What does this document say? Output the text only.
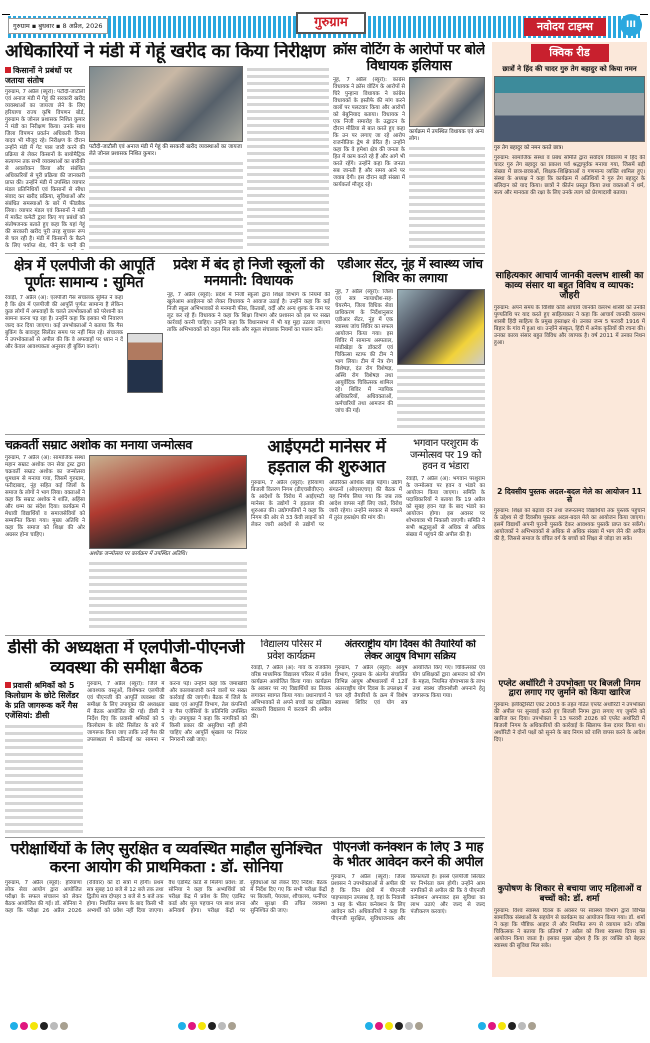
गुरुग्राम ▪ बुधवार ▪ 8 अप्रैल, 2026	गुरुग्राम	नवोदय टाइम्स	III
क्विक रीड
छात्रों ने हिंद की चादर गुरु तेग बहादुर को किया नमन
गुरु तेग बहादुर को नमन करते छात्र।
गुरुग्राम: सामाजिक संस्था व प्रबंध समिति द्वारा सर्वोदय विद्यालय में हिंद की चादर गुरु तेग बहादुर का प्रकाश पर्व श्रद्धापूर्वक मनाया गया, जिसमें बड़ी संख्या में छात्र-छात्राओं, शिक्षक-शिक्षिकाओं व गणमान्य व्यक्ति शामिल हुए। संस्था के अध्यक्ष ने कहा कि कार्यक्रम में अतिथियों ने गुरु तेग बहादुर के बलिदान को याद किया। छात्रों ने कीर्तन प्रस्तुत किया तथा वक्ताओं ने धर्म, सत्य और मानवता की रक्षा के लिए उनके त्याग को प्रेरणादायी बताया।
साहित्यकार आचार्य जानकी वल्लभ शास्त्री का काव्य संसार था बहुत विविध व व्यापक: जौहरी
गुरुग्राम: अपने समय के विशिष्ट कवि आचार्य जानकी वल्लभ शास्त्री को उनकी पुण्यतिथि पर याद करते हुए साहित्यकार ने कहा कि आचार्य जानकी वल्लभ शास्त्री हिंदी साहित्य के प्रमुख हस्ताक्षर थे। उनका जन्म 5 फरवरी 1916 में बिहार के गांव में हुआ था। उन्होंने संस्कृत, हिंदी में अनेक कृतियों की रचना की। उनका काव्य संसार बहुत विविध और व्यापक है। वर्ष 2011 में उनका निधन हुआ।
2 दिवसीय पुस्तक अदल-बदल मेले का आयोजन 11 से
गुरुग्राम: शिक्षा को बढ़ावा देने तथा जरूरतमंद विद्यार्थियों तक पुस्तकें पहुंचाने के उद्देश्य से दो दिवसीय पुस्तक अदल-बदल मेले का आयोजन किया जाएगा। इसमें विद्यार्थी अपनी पुरानी पुस्तकें देकर आवश्यक पुस्तकें प्राप्त कर सकेंगे। आयोजकों ने अभिभावकों से अधिक से अधिक संख्या में भाग लेने की अपील की है, जिससे समाज के वंचित वर्ग के बच्चों को शिक्षा से जोड़ा जा सके।
एप्लेट अथॉरिटी ने उपभोक्ता पर बिजली निगम द्वारा लगाए गए जुर्माने को किया खारिज
गुरुग्राम: इलेक्ट्रिसिटी एक्ट 2003 के तहत गठित एप्लेट अथॉरिटी ने उपभोक्ता की अपील पर सुनवाई करते हुए बिजली निगम द्वारा लगाए गए जुर्माने को खारिज कर दिया। उपभोक्ता ने 13 फरवरी 2026 को एप्लेट अथॉरिटी में बिजली निगम के अधिकारियों की कार्रवाई के खिलाफ केस दायर किया था। अथॉरिटी ने दोनों पक्षों को सुनने के बाद निगम को राशि वापस करने के आदेश दिए।
कुपोषण के शिकार से बचाया जाए महिलाओं व बच्चों को: डॉ. शर्मा
गुरुग्राम: विश्व स्वास्थ्य दिवस के अवसर पर स्वास्थ्य विभाग द्वारा विभिन्न सामाजिक संस्थाओं के सहयोग से कार्यक्रम का आयोजन किया गया। डॉ. शर्मा ने कहा कि पौष्टिक आहार लें और नियमित रूप से व्यायाम करें। वरिष्ठ चिकित्सक ने बताया कि प्रतिवर्ष 7 अप्रैल को विश्व स्वास्थ्य दिवस का आयोजन किया जाता है। इसका मुख्य उद्देश्य है कि हर व्यक्ति को बेहतर स्वास्थ्य की सुविधा मिल सके।
अधिकारियों ने मंडी में गेहूं खरीद का किया निरीक्षण
किसानों ने प्रबंधों पर जताया संतोष
गुरुग्राम, 7 अप्रैल (ब्यूरो): पटौदी-जाटौली एवं अनाज मंडी में गेहूं की सरकारी खरीद व्यवस्थाओं का जायजा लेने के लिए हरियाणा राज्य कृषि विपणन बोर्ड, गुरुग्राम के जोनल प्रशासक निशित कुमार ने मंडी का निरीक्षण किया। उनके साथ जिला विपणन प्रवर्तन अधिकारी विनय यादव भी मौजूद रहे। निरीक्षण के दौरान उन्होंने मंडी में गेट पास जारी करने की प्रक्रिया से लेकर किसानों के बायोमैट्रिक सत्यापन तक सभी व्यवस्थाओं का बारीकी से अवलोकन किया और संबंधित अधिकारियों से पूरी प्रक्रिया की जानकारी प्राप्त की। उन्होंने मंडी में उपस्थित व्यापार मंडल प्रतिनिधियों एवं किसानों से सीधा संवाद कर खरीद प्रक्रिया, सुविधाओं और संबंधित समस्याओं के बारे में फीडबैक लिया। व्यापार मंडल एवं किसानों ने मंडी में मार्केट कमेटी द्वारा किए गए प्रबंधों को संतोषजनक बताते हुए कहा कि यहां गेहूं की सरकारी खरीद पूरी तरह सुचारू रूप से चल रही है। मंडी में किसानों के बैठने के लिए पर्याप्त शेड, पीने के पानी की
पटौदी-जाटौली एवं अनाज मंडी में गेहूं की सरकारी खरीद व्यवस्थाओं का जायजा लेते जोनल प्रशासक निशित कुमार।
क्रॉस वोटिंग के आरोपों पर बोले विधायक इलियास
नूंह, 7 अप्रैल (ब्यूरो): कांग्रेस विधायक ने क्रॉस वोटिंग के आरोपों से घिरे पुन्हाना विधायक ने कांग्रेस विधायकों के इस्तीफे की मांग करने वालों पर पलटवार किया और आरोपों को बेबुनियाद बताया। विधायक ने एक निजी समारोह के उद्घाटन के दौरान मीडिया से बात करते हुए कहा कि उन पर लगाए जा रहे आरोप राजनीतिक द्वेष से प्रेरित हैं। उन्होंने कहा कि वे हमेशा क्षेत्र की जनता के हित में काम करते रहे हैं और आगे भी करते रहेंगे। उन्होंने कहा कि जनता सब जानती है और समय आने पर जवाब देगी। इस दौरान बड़ी संख्या में कार्यकर्ता मौजूद रहे।
कार्यक्रम में उपस्थित विधायक एवं अन्य लोग।
क्षेत्र में एलपीजी की आपूर्ति पूर्णतः सामान्य : सुमित
रेवाड़ी, 7 अप्रैल (अ): एलपीजी गैस संचालक सुमित ने कहा है कि क्षेत्र में एलपीजी की आपूर्ति पूर्णतः सामान्य है लेकिन कुछ लोगों में अफवाहों के चलते उपभोक्ताओं को परेशानी का सामना करना पड़ रहा है। उन्होंने कहा कि इसका भी निवारण जल्द कर दिया जाएगा। कई उपभोक्ताओं ने बताया कि गैस बुकिंग के बावजूद सिलेंडर समय पर नहीं मिल रहे। संचालक ने उपभोक्ताओं से अपील की कि वे अफवाहों पर ध्यान न दें और केवल आवश्यकता अनुसार ही बुकिंग कराएं।
प्रदेश में बंद हो निजी स्कूलों की मनमानी: विधायक
नूंह, 7 अप्रैल (ब्यूरो): प्रदेश में निजी स्कूलों द्वारा शिक्षा विभाग के नियमों की खुलेआम अवहेलना को लेकर विधायक ने आवाज उठाई है। उन्होंने कहा कि कई निजी स्कूल अभिभावकों से मनमानी फीस, किताबों, वर्दी और अन्य शुल्क के नाम पर लूट कर रहे हैं। विधायक ने कहा कि शिक्षा विभाग और प्रशासन को इस पर सख्त कार्रवाई करनी चाहिए। उन्होंने कहा कि विधानसभा में भी यह मुद्दा उठाया जाएगा ताकि अभिभावकों को राहत मिल सके और स्कूल संचालक नियमों का पालन करें।
एडीआर सेंटर, नूंह में स्वास्थ्य जांच शिविर का लगाया
नूंह, 7 अप्रैल (ब्यूरो): जिला एवं सत्र न्यायाधीश-सह-चेयरमैन, जिला विधिक सेवा प्राधिकरण के निर्देशानुसार एडीआर सेंटर, नूंह में एक स्वास्थ्य जांच शिविर का सफल आयोजन किया गया। इस शिविर में सामान्य अस्पताल, मांडीखेड़ा के डॉक्टरों एवं चिकित्सा स्टाफ की टीम ने भाग लिया। टीम में नेत्र रोग विशेषज्ञ, दंत रोग विशेषज्ञ, अस्थि रोग विशेषज्ञ तथा आयुर्वेदिक चिकित्सक शामिल रहे। शिविर में न्यायिक अधिकारियों, अधिवक्ताओं, कर्मचारियों तथा आमजन की जांच की गई।
चक्रवर्ती सम्राट अशोक का मनाया जन्मोत्सव
गुरुग्राम, 7 अप्रैल (अ): सामाजिक संस्था महान सम्राट अशोक जन सेवा ट्रस्ट द्वारा चक्रवर्ती सम्राट अशोक का जन्मोत्सव धूमधाम से मनाया गया, जिसमें गुरुग्राम, फरीदाबाद, नूंह सहित कई जिलों के समाज के लोगों ने भाग लिया। वक्ताओं ने कहा कि सम्राट अशोक ने शांति, अहिंसा और धम्म का संदेश दिया। कार्यक्रम में मेधावी विद्यार्थियों व समाजसेवियों को सम्मानित किया गया। मुख्य अतिथि ने कहा कि समाज को शिक्षा की ओर अग्रसर होना चाहिए।
अशोक जन्मोत्सव पर कार्यक्रम में उपस्थित अतिथि।
आईएमटी मानेसर में हड़ताल की शुरुआत
गुरुग्राम, 7 अप्रैल (ब्यूरो): हरियाणा बिजली वितरण निगम (डीएचबीवीएन) के आदेशों के विरोध में आईएमटी मानेसर के उद्योगों ने हड़ताल की शुरुआत की। उद्योगपतियों ने कहा कि निगम की ओर से 33 केवी लाइनों को लेकर जारी आदेशों से उद्योगों पर अतिरिक्त आर्थिक बोझ पड़ेगा। उद्योग संगठनों (ओएसएचए) की बैठक में यह निर्णय लिया गया कि जब तक आदेश वापस नहीं लिए जाते, विरोध जारी रहेगा। उन्होंने सरकार से मामले में तुरंत हस्तक्षेप की मांग की।
भगवान परशुराम के जन्मोत्सव पर 19 को हवन व भंडारा
रेवाड़ी, 7 अप्रैल (अ): भगवान परशुराम के जन्मोत्सव पर हवन व भंडारे का आयोजन किया जाएगा। समिति के पदाधिकारियों ने बताया कि 19 अप्रैल को सुबह हवन यज्ञ के बाद भंडारे का आयोजन होगा। इस अवसर पर शोभायात्रा भी निकाली जाएगी। समिति ने सभी श्रद्धालुओं से अधिक से अधिक संख्या में पहुंचने की अपील की है।
डीसी की अध्यक्षता में एलपीजी-पीएनजी व्यवस्था की समीक्षा बैठक
प्रवासी श्रमिकों को 5 किलोग्राम के छोटे सिलेंडर के प्रति जागरूक करें गैस एजेंसियां: डीसी
गुरुग्राम, 7 अप्रैल (ब्यूरो): जिले में आवश्यक वस्तुओं, विशेषकर एलपीजी एवं पीएनजी की आपूर्ति व्यवस्था की समीक्षा के लिए उपायुक्त की अध्यक्षता में बैठक आयोजित की गई। डीसी ने निर्देश दिए कि प्रवासी श्रमिकों को 5 किलोग्राम के छोटे सिलेंडर के बारे में जागरूक किया जाए ताकि उन्हें गैस की उपलब्धता में कठिनाई का सामना न करना पड़े। उन्होंने कहा कि जमाखोरी और कालाबाजारी करने वालों पर सख्त कार्रवाई की जाएगी। बैठक में जिले के खाद्य एवं आपूर्ति विभाग, तेल कंपनियों व गैस एजेंसियों के प्रतिनिधि उपस्थित रहे। उपायुक्त ने कहा कि नागरिकों को किसी प्रकार की असुविधा नहीं होनी चाहिए और आपूर्ति श्रृंखला पर निरंतर निगरानी रखी जाए।
विद्यालय परिसर में प्रवेश कार्यक्रम
रेवाड़ी, 7 अप्रैल (अ): गांव के राजकीय वरिष्ठ माध्यमिक विद्यालय परिसर में प्रवेश कार्यक्रम आयोजित किया गया। कार्यक्रम के अवसर पर नए विद्यार्थियों का तिलक लगाकर स्वागत किया गया। प्रधानाचार्य ने अभिभावकों से अपने बच्चों का दाखिला सरकारी विद्यालय में करवाने की अपील की।
अंतरराष्ट्रीय योग दिवस की तैयारियों को लेकर आयुष विभाग सक्रिय
गुरुग्राम, 7 अप्रैल (ब्यूरो): आयुष विभाग, गुरुग्राम के अंतर्गत संचालित विभिन्न आयुष औषधालयों में 12वें अंतरराष्ट्रीय योग दिवस के उपलक्ष्य में चल रही तैयारियों के क्रम में विशेष स्वास्थ्य शिविर एवं योग सत्र आयोजित किए गए। चिकित्सकों एवं योग प्रशिक्षकों द्वारा आमजन को योग के महत्व, नियमित योगाभ्यास के लाभ तथा स्वस्थ जीवनशैली अपनाने हेतु जागरूक किया गया।
परीक्षार्थियों के लिए सुरक्षित व व्यवस्थित माहौल सुनिश्चित करना आयोग की प्राथमिकता : डॉ. सोनिया
गुरुग्राम, 7 अप्रैल (ब्यूरो): हरियाणा लोक सेवा आयोग द्वारा आयोजित परीक्षा के सफल संचालन को लेकर बैठक आयोजित की गई। डॉ. सोनिया ने कहा कि परीक्षा 26 अप्रैल 2026 (रविवार) को दो सत्रों में होगी। प्रथम सत्र सुबह 10 बजे से 12 बजे तक तथा द्वितीय सत्र दोपहर 3 बजे से 5 बजे तक होगा। निर्धारित समय के बाद किसी भी अभ्यर्थी को प्रवेश नहीं दिया जाएगा। वैध एडमिट कार्ड से मिलेगा प्रवेश: डॉ. सोनिया ने कहा कि अभ्यर्थियों को परीक्षा केंद्र में प्रवेश के लिए एडमिट कार्ड और मूल पहचान पत्र साथ लाना अनिवार्य होगा। परीक्षा केंद्रों पर सुविधाओं को लेकर दिए निर्देश: बैठक में निर्देश दिए गए कि सभी परीक्षा केंद्रों पर बिजली, पेयजल, शौचालय, फर्नीचर और सुरक्षा की उचित व्यवस्था सुनिश्चित की जाए।
पीएनजी कनेक्शन के लिए 3 माह के भीतर आवेदन करने की अपील
गुरुग्राम, 7 अप्रैल (ब्यूरो): जिला प्रशासन ने उपभोक्ताओं से अपील की है कि जिन क्षेत्रों में पीएनजी पाइपलाइन उपलब्ध है, वहां के निवासी 3 माह के भीतर कनेक्शन के लिए आवेदन करें। अधिकारियों ने कहा कि पीएनजी सुरक्षित, सुविधाजनक और किफायती है। इससे एलपीजी सिलेंडर पर निर्भरता कम होगी। उन्होंने आम नागरिकों से अपील की कि वे पीएनजी कनेक्शन अपनाकर इस सुविधा का लाभ उठाएं और जल्द से जल्द पंजीकरण करवाएं।
